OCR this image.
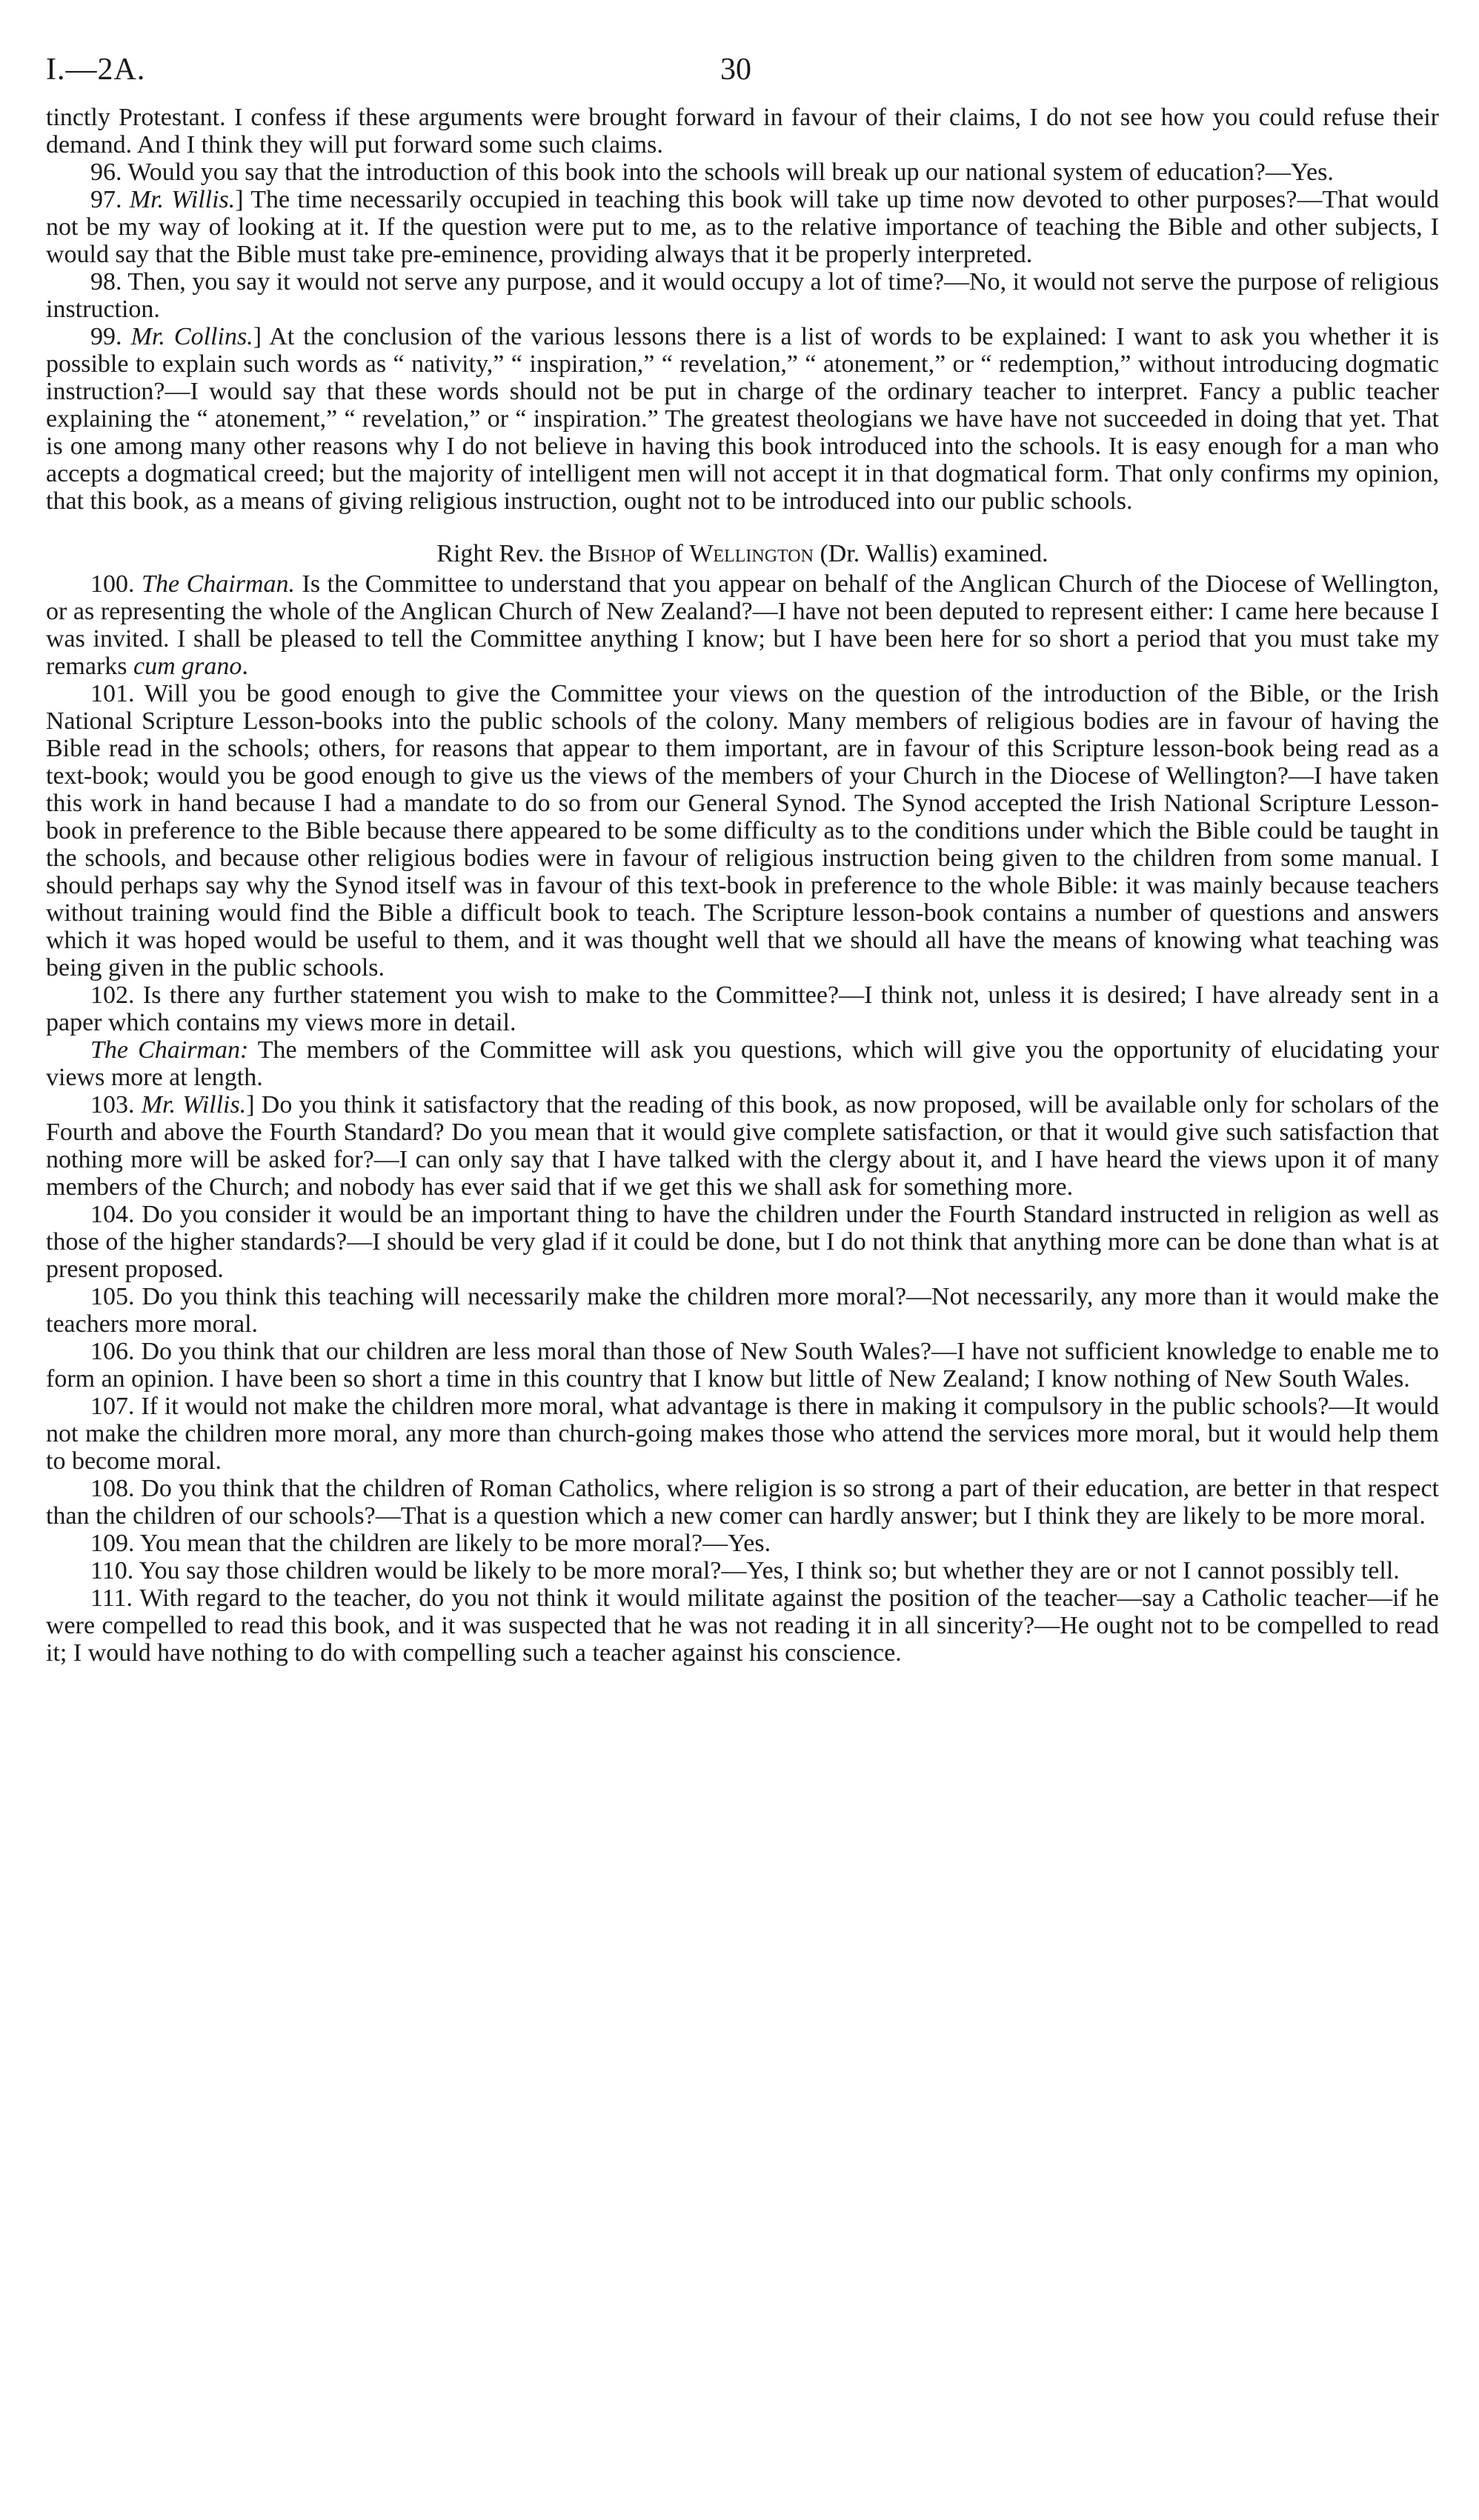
I.—2A.	30

tinctly Protestant. I confess if these arguments were brought forward in favour of their claims, I do not see how you could refuse their demand. And I think they will put forward some such claims.

96. Would you say that the introduction of this book into the schools will break up our national system of education?—Yes.

97. Mr. Willis.] The time necessarily occupied in teaching this book will take up time now devoted to other purposes?—That would not be my way of looking at it. If the question were put to me, as to the relative importance of teaching the Bible and other subjects, I would say that the Bible must take pre-eminence, providing always that it be properly interpreted.

98. Then, you say it would not serve any purpose, and it would occupy a lot of time?—No, it would not serve the purpose of religious instruction.

99. Mr. Collins.] At the conclusion of the various lessons there is a list of words to be explained: I want to ask you whether it is possible to explain such words as “ nativity,” “ inspiration,” “ revelation,” “ atonement,” or “ redemption,” without introducing dogmatic instruction?—I would say that these words should not be put in charge of the ordinary teacher to interpret. Fancy a public teacher explaining the “ atonement,” “ revelation,” or “ inspiration.” The greatest theologians we have have not succeeded in doing that yet. That is one among many other reasons why I do not believe in having this book introduced into the schools. It is easy enough for a man who accepts a dogmatical creed; but the majority of intelligent men will not accept it in that dogmatical form. That only confirms my opinion, that this book, as a means of giving religious instruction, ought not to be introduced into our public schools.

Right Rev. the Bishop of Wellington (Dr. Wallis) examined.

100. The Chairman. Is the Committee to understand that you appear on behalf of the Anglican Church of the Diocese of Wellington, or as representing the whole of the Anglican Church of New Zealand?—I have not been deputed to represent either: I came here because I was invited. I shall be pleased to tell the Committee anything I know; but I have been here for so short a period that you must take my remarks cum grano.

101. Will you be good enough to give the Committee your views on the question of the introduction of the Bible, or the Irish National Scripture Lesson-books into the public schools of the colony. Many members of religious bodies are in favour of having the Bible read in the schools; others, for reasons that appear to them important, are in favour of this Scripture lesson-book being read as a text-book; would you be good enough to give us the views of the members of your Church in the Diocese of Wellington?—I have taken this work in hand because I had a mandate to do so from our General Synod. The Synod accepted the Irish National Scripture Lesson-book in preference to the Bible because there appeared to be some difficulty as to the conditions under which the Bible could be taught in the schools, and because other religious bodies were in favour of religious instruction being given to the children from some manual. I should perhaps say why the Synod itself was in favour of this text-book in preference to the whole Bible: it was mainly because teachers without training would find the Bible a difficult book to teach. The Scripture lesson-book contains a number of questions and answers which it was hoped would be useful to them, and it was thought well that we should all have the means of knowing what teaching was being given in the public schools.

102. Is there any further statement you wish to make to the Committee?—I think not, unless it is desired; I have already sent in a paper which contains my views more in detail.

The Chairman: The members of the Committee will ask you questions, which will give you the opportunity of elucidating your views more at length.

103. Mr. Willis.] Do you think it satisfactory that the reading of this book, as now proposed, will be available only for scholars of the Fourth and above the Fourth Standard? Do you mean that it would give complete satisfaction, or that it would give such satisfaction that nothing more will be asked for?—I can only say that I have talked with the clergy about it, and I have heard the views upon it of many members of the Church; and nobody has ever said that if we get this we shall ask for something more.

104. Do you consider it would be an important thing to have the children under the Fourth Standard instructed in religion as well as those of the higher standards?—I should be very glad if it could be done, but I do not think that anything more can be done than what is at present proposed.

105. Do you think this teaching will necessarily make the children more moral?—Not necessarily, any more than it would make the teachers more moral.

106. Do you think that our children are less moral than those of New South Wales?—I have not sufficient knowledge to enable me to form an opinion. I have been so short a time in this country that I know but little of New Zealand; I know nothing of New South Wales.

107. If it would not make the children more moral, what advantage is there in making it compulsory in the public schools?—It would not make the children more moral, any more than church-going makes those who attend the services more moral, but it would help them to become moral.

108. Do you think that the children of Roman Catholics, where religion is so strong a part of their education, are better in that respect than the children of our schools?—That is a question which a new comer can hardly answer; but I think they are likely to be more moral.

109. You mean that the children are likely to be more moral?—Yes.

110. You say those children would be likely to be more moral?—Yes, I think so; but whether they are or not I cannot possibly tell.

111. With regard to the teacher, do you not think it would militate against the position of the teacher—say a Catholic teacher—if he were compelled to read this book, and it was suspected that he was not reading it in all sincerity?—He ought not to be compelled to read it; I would have nothing to do with compelling such a teacher against his conscience.
